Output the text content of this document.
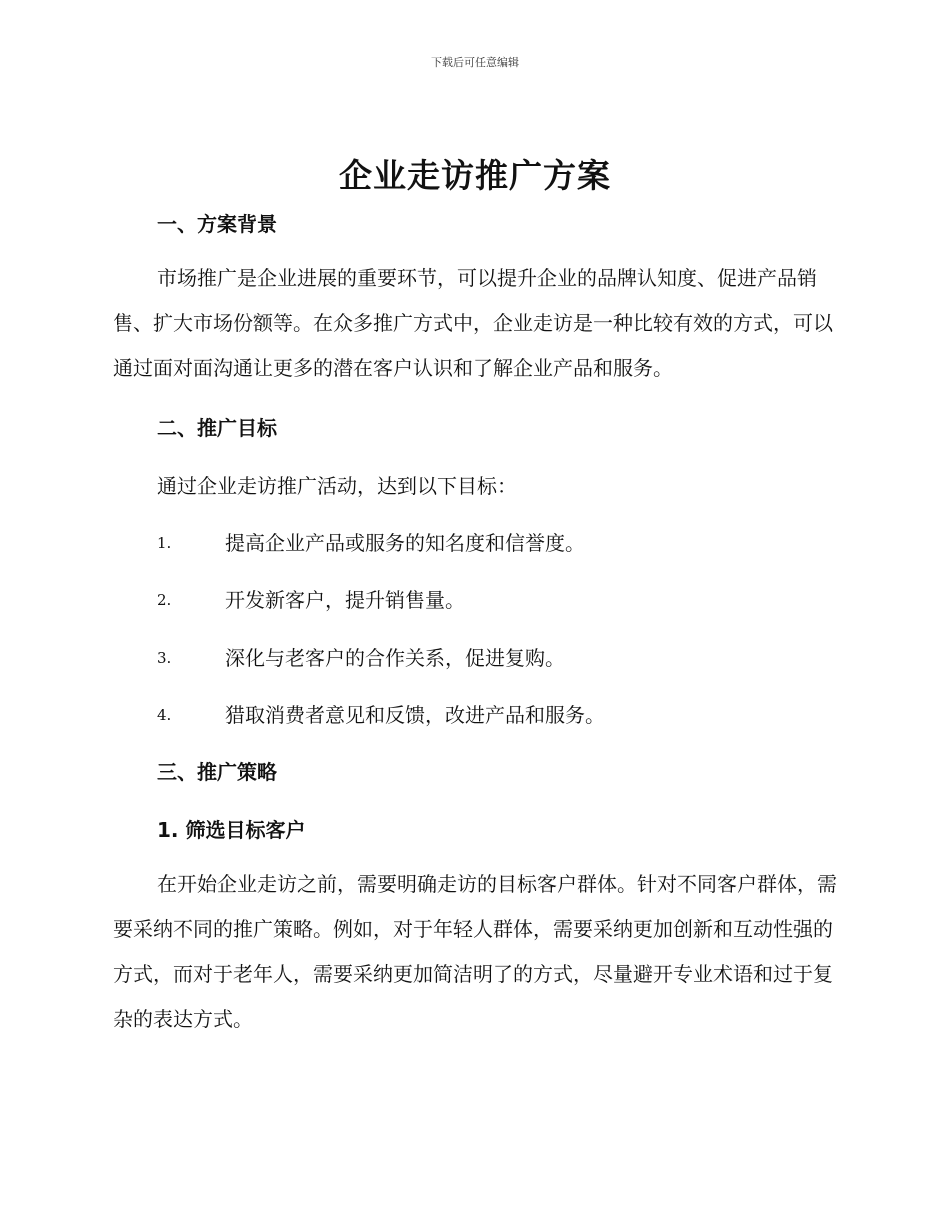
下载后可任意编辑
企业走访推广方案
一、方案背景

市场推广是企业进展的重要环节，可以提升企业的品牌认知度、促进产品销售、扩大市场份额等。在众多推广方式中，企业走访是一种比较有效的方式，可以通过面对面沟通让更多的潜在客户认识和了解企业产品和服务。

二、推广目标
通过企业走访推广活动，达到以下目标：
1.	提高企业产品或服务的知名度和信誉度。
2.	开发新客户，提升销售量。
3.	深化与老客户的合作关系，促进复购。
4.	猎取消费者意见和反馈，改进产品和服务。
三、推广策略
1. 筛选目标客户

在开始企业走访之前，需要明确走访的目标客户群体。针对不同客户群体，需要采纳不同的推广策略。例如，对于年轻人群体，需要采纳更加创新和互动性强的方式，而对于老年人，需要采纳更加简洁明了的方式，尽量避开专业术语和过于复杂的表达方式。
